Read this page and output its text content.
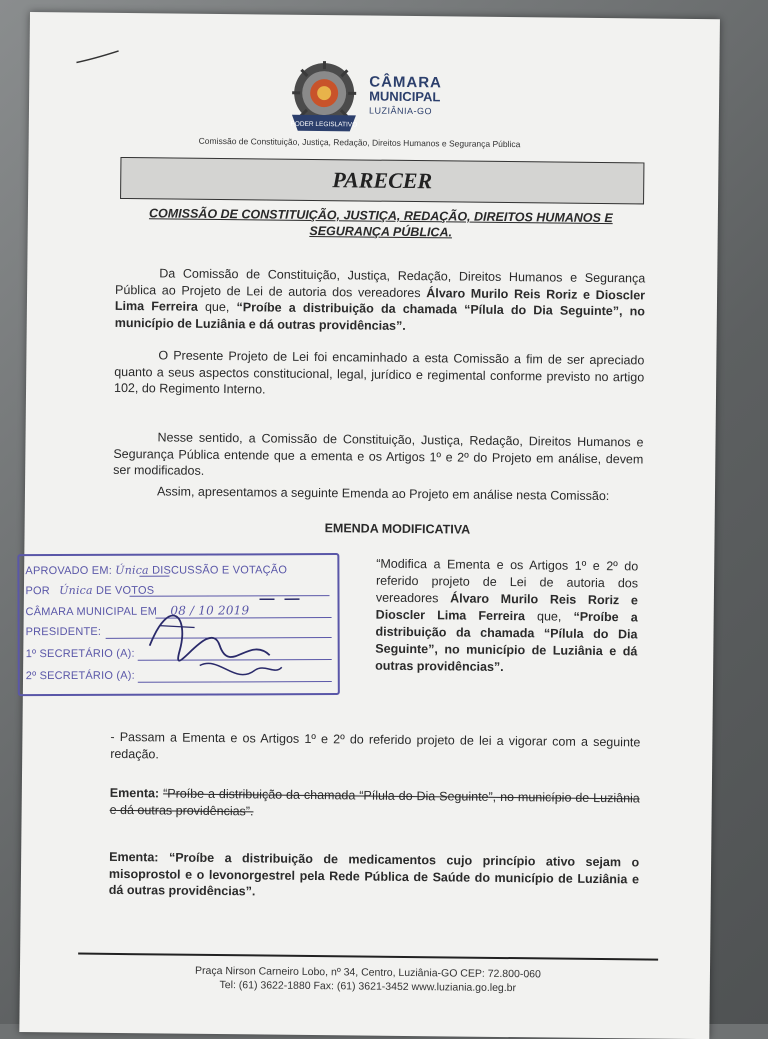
PODER LEGISLATIVO
CÂMARA
MUNICIPAL
LUZIÂNIA-GO
Comissão de Constituição, Justiça, Redação, Direitos Humanos e Segurança Pública
PARECER
COMISSÃO DE CONSTITUIÇÃO, JUSTIÇA, REDAÇÃO, DIREITOS HUMANOS E SEGURANÇA PÚBLICA.
Da Comissão de Constituição, Justiça, Redação, Direitos Humanos e Segurança Pública ao Projeto de Lei de autoria dos vereadores Álvaro Murilo Reis Roriz e Dioscler Lima Ferreira que, “Proíbe a distribuição da chamada “Pílula do Dia Seguinte”, no município de Luziânia e dá outras providências”.
O Presente Projeto de Lei foi encaminhado a esta Comissão a fim de ser apreciado quanto a seus aspectos constitucional, legal, jurídico e regimental conforme previsto no artigo 102, do Regimento Interno.
Nesse sentido, a Comissão de Constituição, Justiça, Redação, Direitos Humanos e Segurança Pública entende que a ementa e os Artigos 1º e 2º do Projeto em análise, devem ser modificados.
Assim, apresentamos a seguinte Emenda ao Projeto em análise nesta Comissão:
EMENDA MODIFICATIVA
“Modifica a Ementa e os Artigos 1º e 2º do referido projeto de Lei de autoria dos vereadores Álvaro Murilo Reis Roriz e Dioscler Lima Ferreira que, “Proíbe a distribuição da chamada “Pílula do Dia Seguinte”, no município de Luziânia e dá outras providências”.
APROVADO EM: Única DISCUSSÃO E VOTAÇÃO
POR Única DE VOTOS
CÂMARA MUNICIPAL EM 08 / 10 2019
PRESIDENTE:
1º SECRETÁRIO (A):
2º SECRETÁRIO (A):
- Passam a Ementa e os Artigos 1º e 2º do referido projeto de lei a vigorar com a seguinte redação.
Ementa: “Proíbe a distribuição da chamada “Pílula do Dia Seguinte”, no município de Luziânia e dá outras providências”.
Ementa: “Proíbe a distribuição de medicamentos cujo princípio ativo sejam o misoprostol e o levonorgestrel pela Rede Pública de Saúde do município de Luziânia e dá outras providências”.
Praça Nirson Carneiro Lobo, nº 34, Centro, Luziânia-GO CEP: 72.800-060
Tel: (61) 3622-1880 Fax: (61) 3621-3452 www.luziania.go.leg.br
